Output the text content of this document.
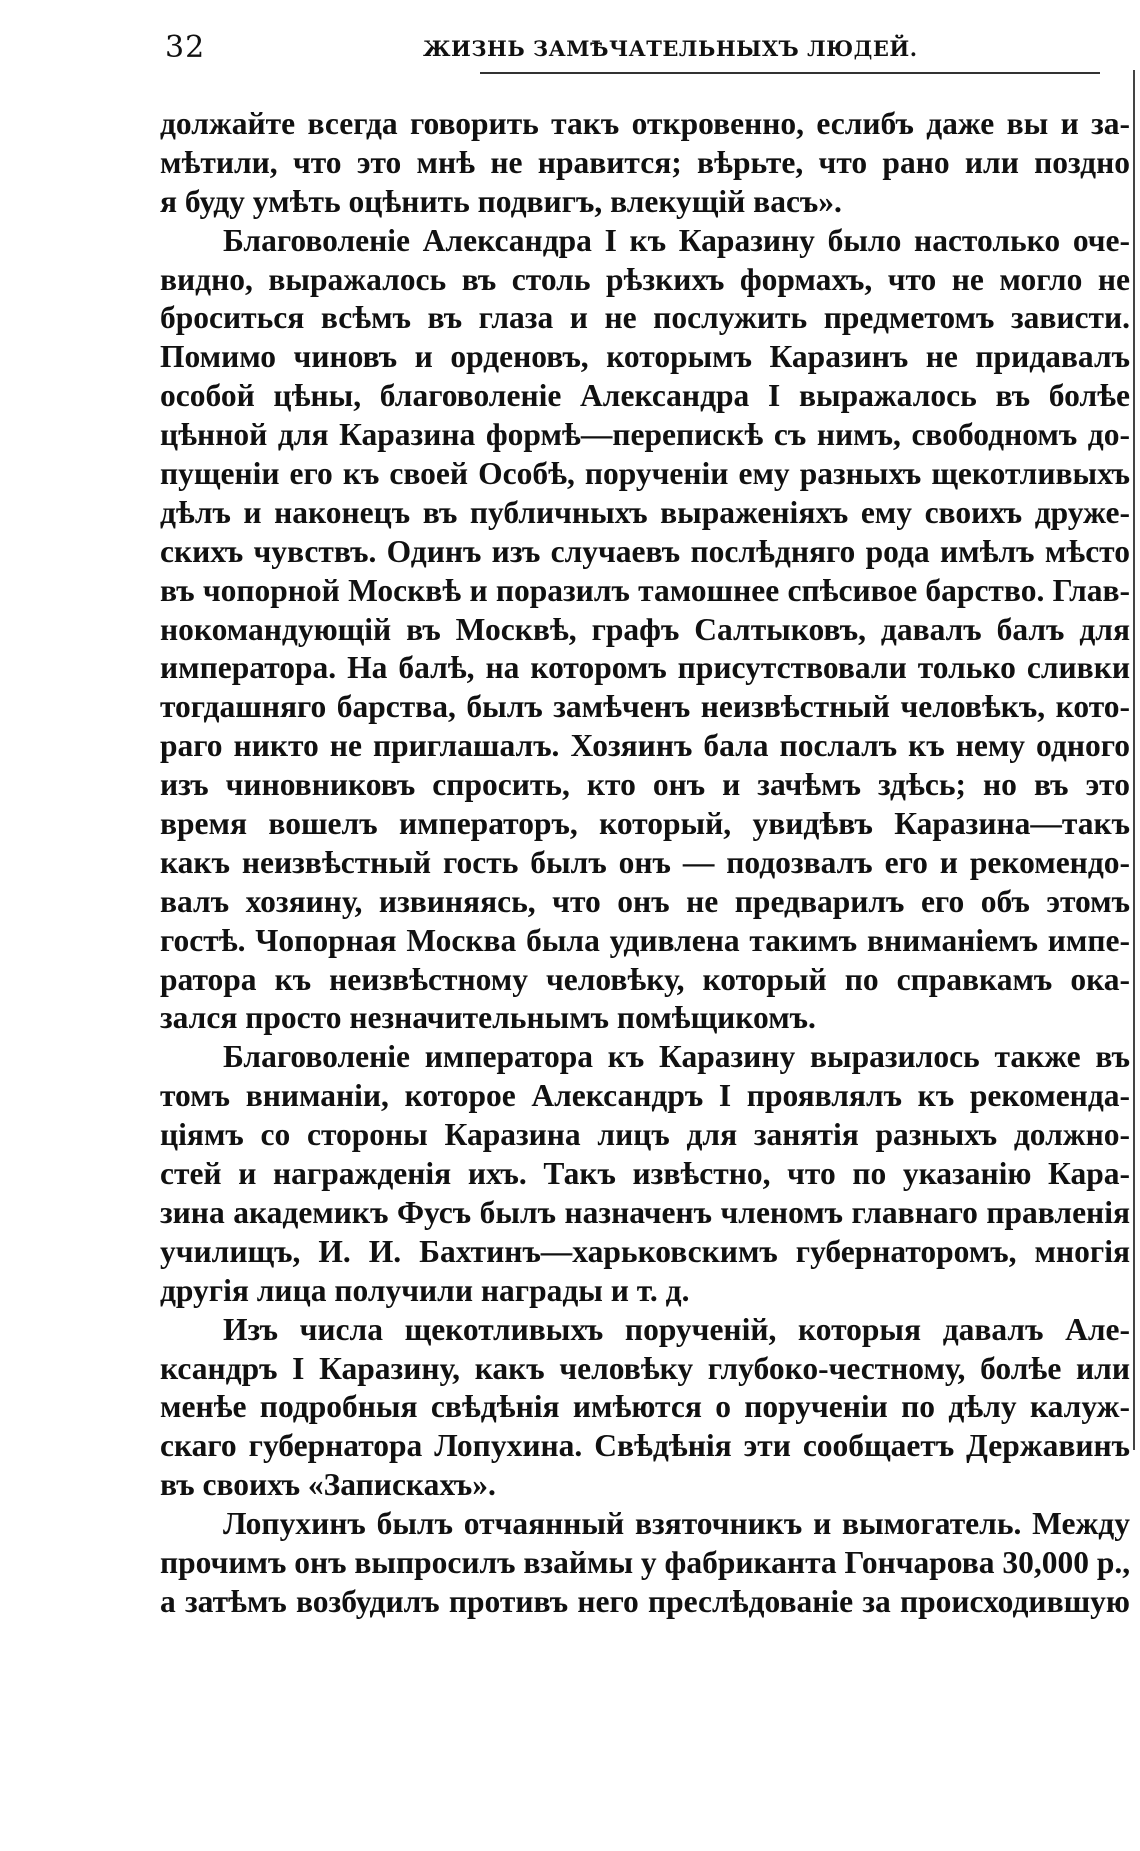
32	ЖИЗНЬ ЗАМѢЧАТЕЛЬНЫХЪ ЛЮДЕЙ.
должайте всегда говорить такъ откровенно, еслибъ даже вы и за-
мѣтили, что это мнѣ не нравится; вѣрьте, что рано или поздно
я буду умѣть оцѣнить подвигъ, влекущій васъ».
Благоволеніе Александра I къ Каразину было настолько оче-
видно, выражалось въ столь рѣзкихъ формахъ, что не могло не
броситься всѣмъ въ глаза и не послужить предметомъ зависти.
Помимо чиновъ и орденовъ, которымъ Каразинъ не придавалъ
особой цѣны, благоволеніе Александра I выражалось въ болѣе
цѣнной для Каразина формѣ—перепискѣ съ нимъ, свободномъ до-
пущеніи его къ своей Особѣ, порученіи ему разныхъ щекотливыхъ
дѣлъ и наконецъ въ публичныхъ выраженіяхъ ему своихъ друже-
скихъ чувствъ. Одинъ изъ случаевъ послѣдняго рода имѣлъ мѣсто
въ чопорной Москвѣ и поразилъ тамошнее спѣсивое барство. Глав-
нокомандующій въ Москвѣ, графъ Салтыковъ, давалъ балъ для
императора. На балѣ, на которомъ присутствовали только сливки
тогдашняго барства, былъ замѣченъ неизвѣстный человѣкъ, кото-
раго никто не приглашалъ. Хозяинъ бала послалъ къ нему одного
изъ чиновниковъ спросить, кто онъ и зачѣмъ здѣсь; но въ это
время вошелъ императоръ, который, увидѣвъ Каразина—такъ
какъ неизвѣстный гость былъ онъ — подозвалъ его и рекомендо-
валъ хозяину, извиняясь, что онъ не предварилъ его объ этомъ
гостѣ. Чопорная Москва была удивлена такимъ вниманіемъ импе-
ратора къ неизвѣстному человѣку, который по справкамъ ока-
зался просто незначительнымъ помѣщикомъ.
Благоволеніе императора къ Каразину выразилось также въ
томъ вниманіи, которое Александръ I проявлялъ къ рекоменда-
ціямъ со стороны Каразина лицъ для занятія разныхъ должно-
стей и награжденія ихъ. Такъ извѣстно, что по указанію Кара-
зина академикъ Фусъ былъ назначенъ членомъ главнаго правленія
училищъ, И. И. Бахтинъ—харьковскимъ губернаторомъ, многія
другія лица получили награды и т. д.
Изъ числа щекотливыхъ порученій, которыя давалъ Але-
ксандръ I Каразину, какъ человѣку глубоко-честному, болѣе или
менѣе подробныя свѣдѣнія имѣются о порученіи по дѣлу калуж-
скаго губернатора Лопухина. Свѣдѣнія эти сообщаетъ Державинъ
въ своихъ «Запискахъ».
Лопухинъ былъ отчаянный взяточникъ и вымогатель. Между
прочимъ онъ выпросилъ взаймы у фабриканта Гончарова 30,000 р.,
а затѣмъ возбудилъ противъ него преслѣдованіе за происходившую
